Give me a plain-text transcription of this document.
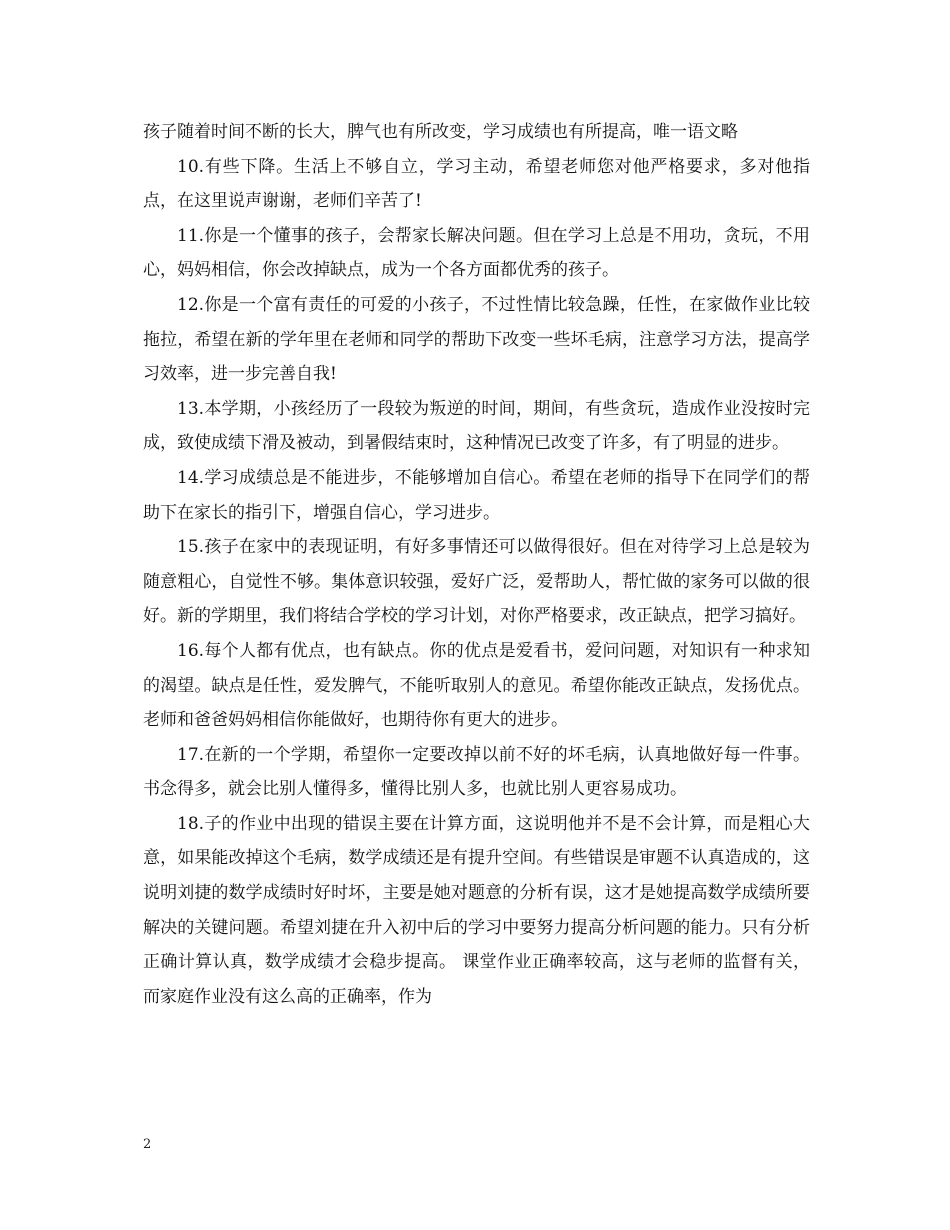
孩子随着时间不断的长大，脾气也有所改变，学习成绩也有所提高，唯一语文略

10.有些下降。生活上不够自立，学习主动，希望老师您对他严格要求，多对他指点，在这里说声谢谢，老师们辛苦了!

11.你是一个懂事的孩子，会帮家长解决问题。但在学习上总是不用功，贪玩，不用心，妈妈相信，你会改掉缺点，成为一个各方面都优秀的孩子。

12.你是一个富有责任的可爱的小孩子，不过性情比较急躁，任性，在家做作业比较拖拉，希望在新的学年里在老师和同学的帮助下改变一些坏毛病，注意学习方法，提高学习效率，进一步完善自我!

13.本学期，小孩经历了一段较为叛逆的时间，期间，有些贪玩，造成作业没按时完成，致使成绩下滑及被动，到暑假结束时，这种情况已改变了许多，有了明显的进步。

14.学习成绩总是不能进步，不能够增加自信心。希望在老师的指导下在同学们的帮助下在家长的指引下，增强自信心，学习进步。

15.孩子在家中的表现证明，有好多事情还可以做得很好。但在对待学习上总是较为随意粗心，自觉性不够。集体意识较强，爱好广泛，爱帮助人，帮忙做的家务可以做的很好。新的学期里，我们将结合学校的学习计划，对你严格要求，改正缺点，把学习搞好。

16.每个人都有优点，也有缺点。你的优点是爱看书，爱问问题，对知识有一种求知的渴望。缺点是任性，爱发脾气，不能听取别人的意见。希望你能改正缺点，发扬优点。老师和爸爸妈妈相信你能做好，也期待你有更大的进步。

17.在新的一个学期，希望你一定要改掉以前不好的坏毛病，认真地做好每一件事。书念得多，就会比别人懂得多，懂得比别人多，也就比别人更容易成功。

18.子的作业中出现的错误主要在计算方面，这说明他并不是不会计算，而是粗心大意，如果能改掉这个毛病，数学成绩还是有提升空间。有些错误是审题不认真造成的，这说明刘捷的数学成绩时好时坏，主要是她对题意的分析有误，这才是她提高数学成绩所要解决的关键问题。希望刘捷在升入初中后的学习中要努力提高分析问题的能力。只有分析正确计算认真，数学成绩才会稳步提高。 课堂作业正确率较高，这与老师的监督有关，而家庭作业没有这么高的正确率，作为

2
